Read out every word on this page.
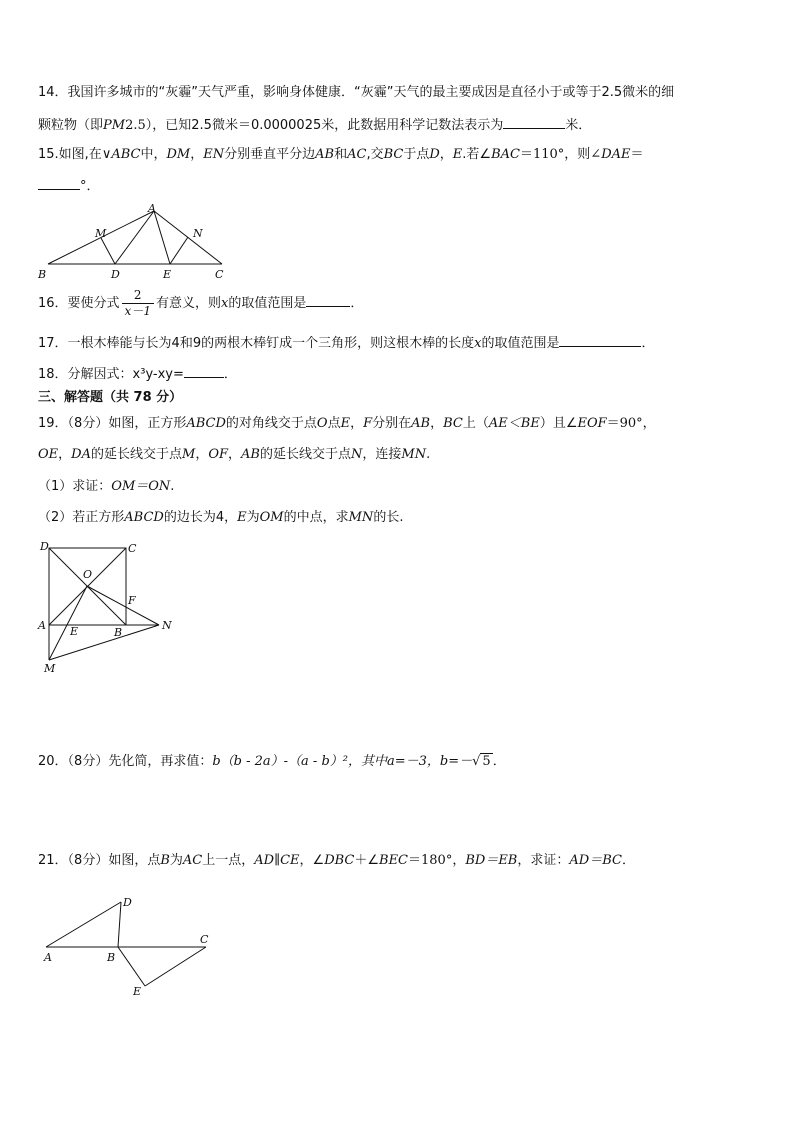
14．我国许多城市的“灰霾”天气严重，影响身体健康．“灰霾”天气的最主要成因是直径小于或等于2.5微米的细
颗粒物（即PM2.5），已知2.5微米＝0.0000025米，此数据用科学记数法表示为	米．
15.如图,在∨ABC中，DM，EN分别垂直平分边AB和AC,交BC于点D，E.若∠BAC＝110°，则∠DAE＝
°．
A
M	N
B	D	E	C
16．要使分式 $\frac{2}{x-1}$ 有意义，则x的取值范围是	．
17．一根木棒能与长为4和9的两根木棒钉成一个三角形，则这根木棒的长度x的取值范围是	．
18．分解因式：x³y-xy=	．
三、解答题（共 78 分）
19．（8分）如图，正方形ABCD的对角线交于点O点E，F分别在AB，BC上（AE＜BE）且∠EOF＝90°，
OE，DA的延长线交于点M，OF，AB的延长线交于点N，连接MN.
（1）求证：OM＝ON.
（2）若正方形ABCD的边长为4，E为OM的中点，求MN的长.
D	C
O
F
A E	B
N
M
20．（8分）先化简，再求值：b（b - 2a）-（a - b）²，其中a=－3，b=－√ 5 ．
21．（8分）如图，点B为AC上一点，AD∥CE，∠DBC＋∠BEC＝180°，BD＝EB，求证：AD＝BC．
D
C
A	B
E
